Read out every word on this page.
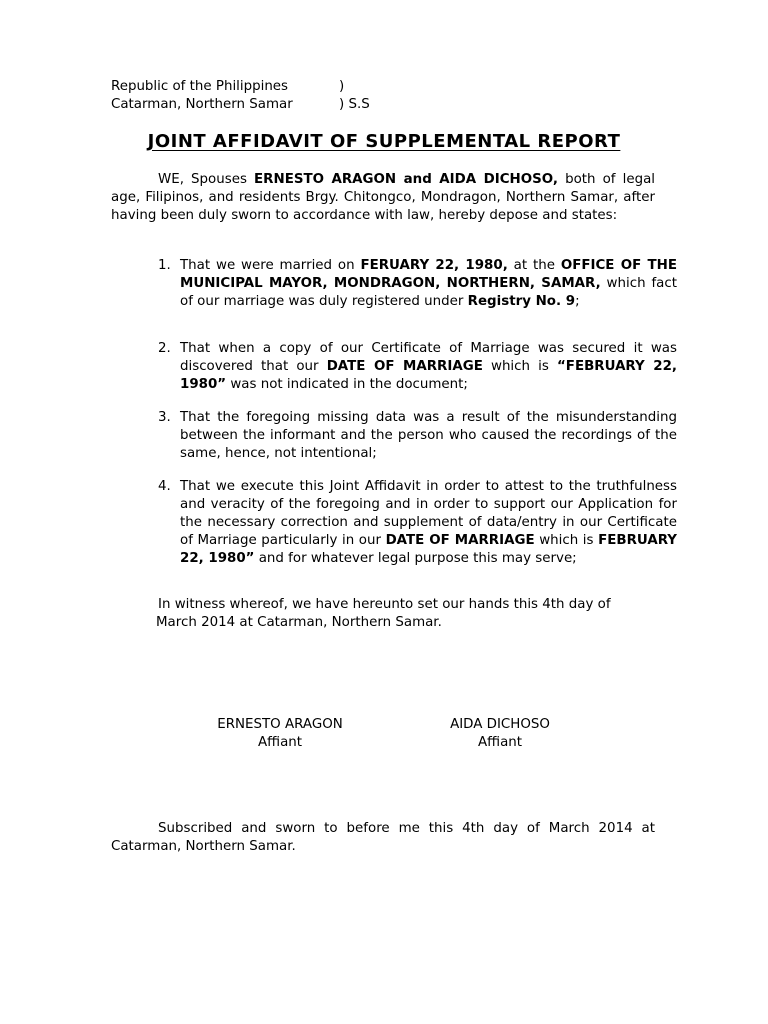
Republic of the Philippines	)
Catarman, Northern Samar	) S.S
JOINT AFFIDAVIT OF SUPPLEMENTAL REPORT
WE, Spouses ERNESTO ARAGON and AIDA DICHOSO, both of legal age, Filipinos, and residents Brgy. Chitongco, Mondragon, Northern Samar, after having been duly sworn to accordance with law, hereby depose and states:
1. That we were married on FERUARY 22, 1980, at the OFFICE OF THE MUNICIPAL MAYOR, MONDRAGON, NORTHERN, SAMAR, which fact of our marriage was duly registered under Registry No. 9;
2. That when a copy of our Certificate of Marriage was secured it was discovered that our DATE OF MARRIAGE which is “FEBRUARY 22, 1980” was not indicated in the document;
3. That the foregoing missing data was a result of the misunderstanding between the informant and the person who caused the recordings of the same, hence, not intentional;
4. That we execute this Joint Affidavit in order to attest to the truthfulness and veracity of the foregoing and in order to support our Application for the necessary correction and supplement of data/entry in our Certificate of Marriage particularly in our DATE OF MARRIAGE which is FEBRUARY 22, 1980” and for whatever legal purpose this may serve;
In witness whereof, we have hereunto set our hands this 4th day of
March 2014 at Catarman, Northern Samar.
ERNESTO ARAGON
Affiant
AIDA DICHOSO
Affiant
Subscribed and sworn to before me this 4th day of March 2014 at Catarman, Northern Samar.
